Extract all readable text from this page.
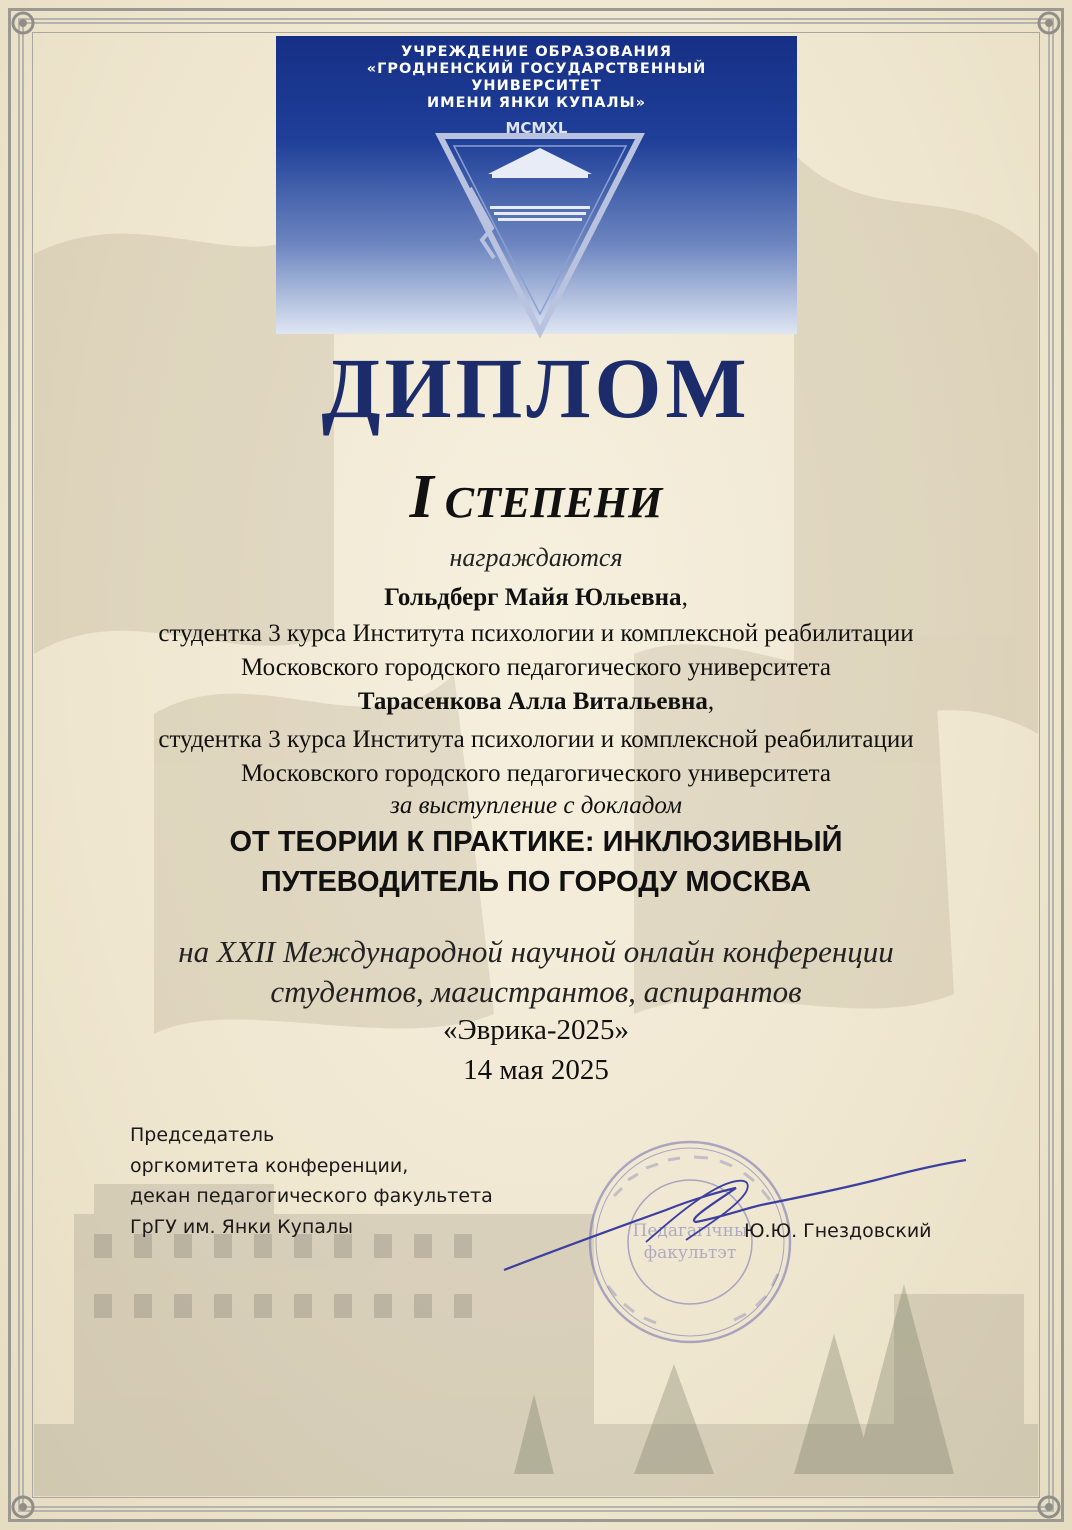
УЧРЕЖДЕНИЕ ОБРАЗОВАНИЯ
«ГРОДНЕНСКИЙ ГОСУДАРСТВЕННЫЙ
УНИВЕРСИТЕТ
ИМЕНИ ЯНКИ КУПАЛЫ»
MCMXL
ДИПЛОМ
I СТЕПЕНИ
награждаются
Гольдберг Майя Юльевна,
студентка 3 курса Института психологии и комплексной реабилитации
Московского городского педагогического университета
Тарасенкова Алла Витальевна,
студентка 3 курса Института психологии и комплексной реабилитации
Московского городского педагогического университета
за выступление с докладом
ОТ ТЕОРИИ К ПРАКТИКЕ: ИНКЛЮЗИВНЫЙ
ПУТЕВОДИТЕЛЬ ПО ГОРОДУ МОСКВА
на XXII Международной научной онлайн конференции
студентов, магистрантов, аспирантов
«Эврика-2025»
14 мая 2025
Председатель
оргкомитета конференции,
декан педагогического факультета
ГрГУ им. Янки Купалы	Педагагічны
факультэт
Ю.Ю. Гнездовский
